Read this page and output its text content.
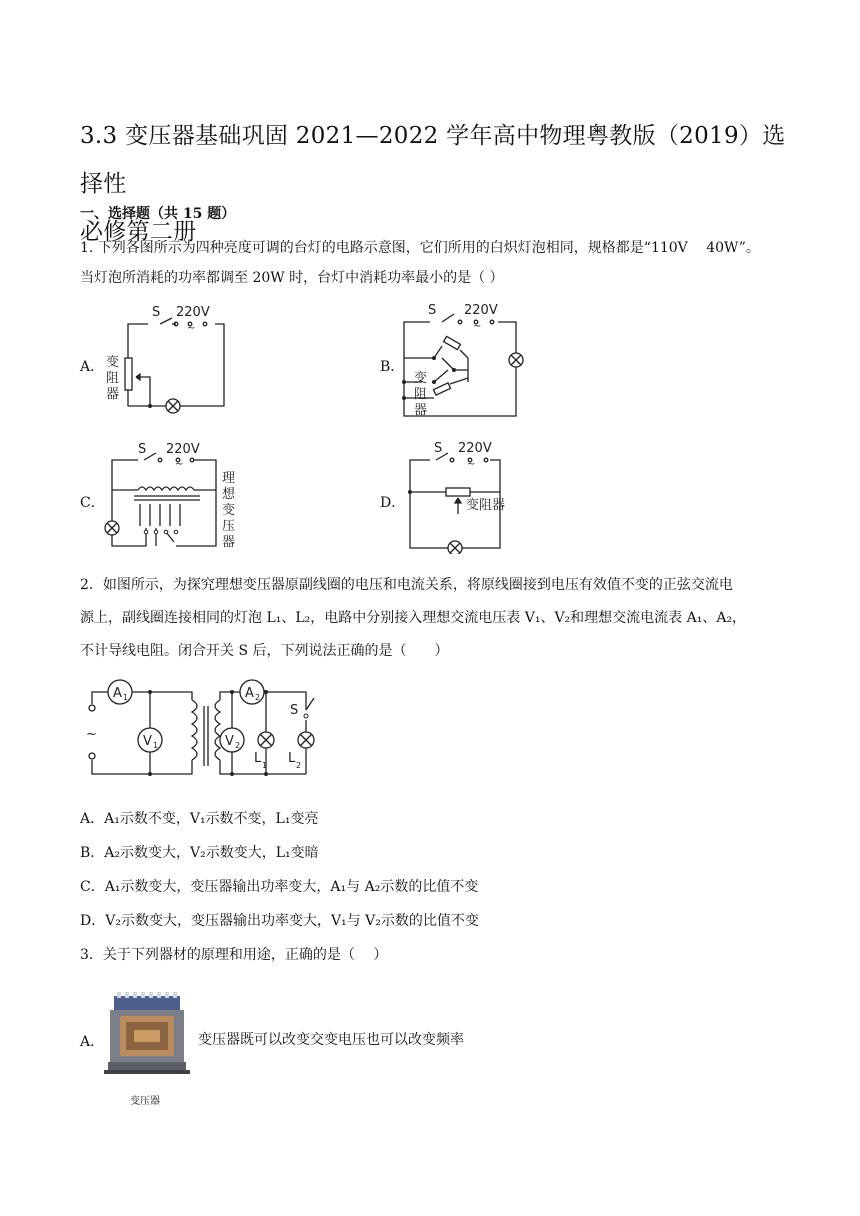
3.3 变压器基础巩固 2021—2022 学年高中物理粤教版（2019）选择性
必修第二册
一、选择题（共 15 题）
1. 下列各图所示为四种亮度可调的台灯的电路示意图，它们所用的白炽灯泡相同，规格都是“110V　 40W”。
当灯泡所消耗的功率都调至 20W 时，台灯中消耗功率最小的是（ ）
A．	B．
C．	D．
S 220V
~
变
阻
器
S 220V
~
变
阻
器
S 220V
~
理
想
变
压
器
S 220V
~
变阻器
2．如图所示，为探究理想变压器原副线圈的电压和电流关系，将原线圈接到电压有效值不变的正弦交流电
源上，副线圈连接相同的灯泡 L₁、L₂，电路中分别接入理想交流电压表 V₁、V₂和理想交流电流表 A₁、A₂，
不计导线电阻。闭合开关 S 后，下列说法正确的是（　　）
A 1	A 2
V 1	V 2
L 1 L 2
S
~
A．A₁示数不变，V₁示数不变，L₁变亮
B．A₂示数变大，V₂示数变大，L₁变暗
C．A₁示数变大，变压器输出功率变大，A₁与 A₂示数的比值不变
D．V₂示数变大，变压器输出功率变大，V₁与 V₂示数的比值不变
3．关于下列器材的原理和用途，正确的是（　 ）
A．
变压器
变压器既可以改变交变电压也可以改变频率
